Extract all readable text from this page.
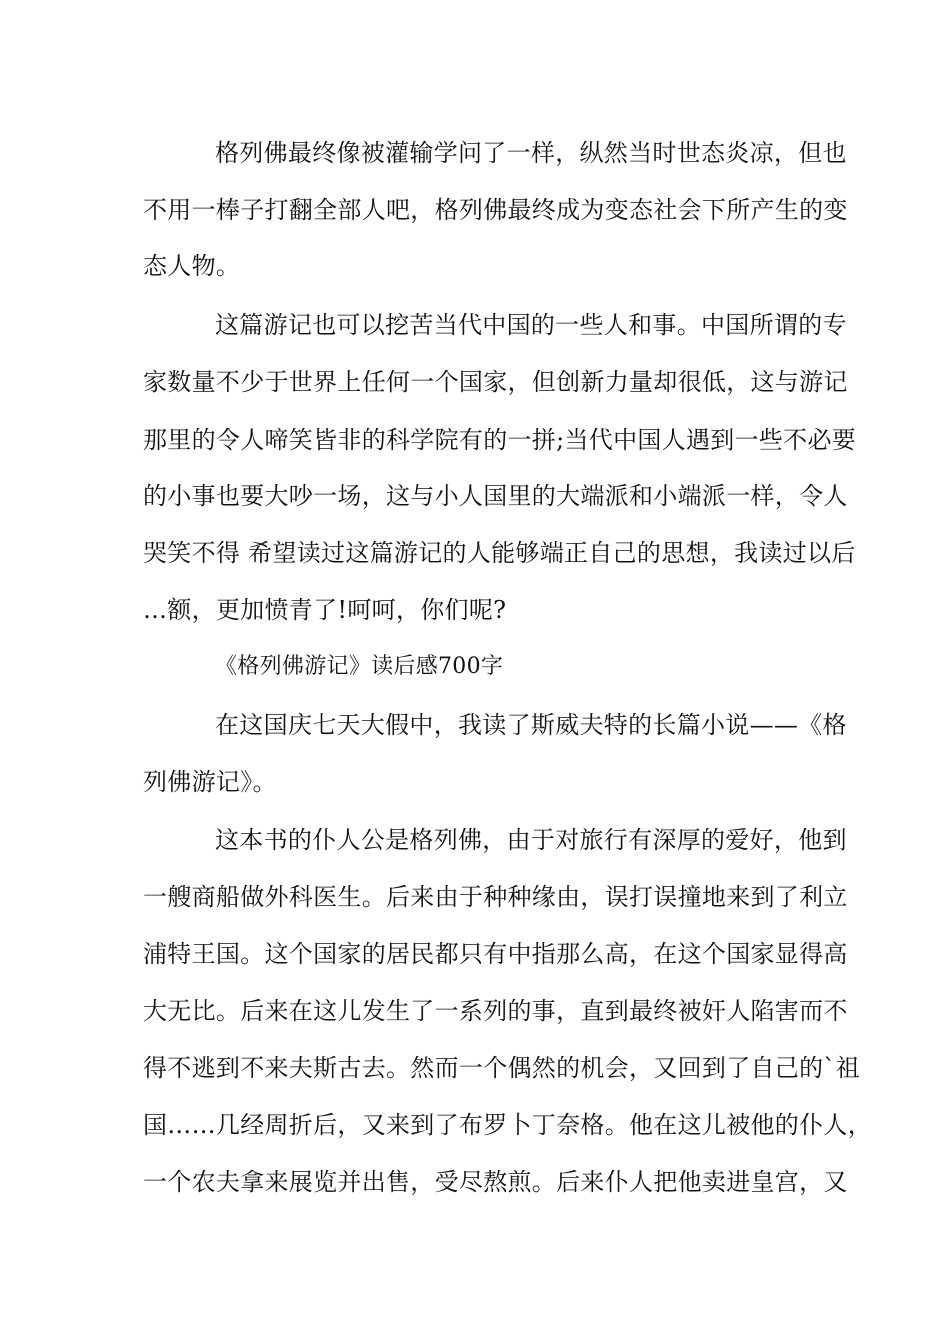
格列佛最终像被灌输学问了一样，纵然当时世态炎凉，但也
不用一棒子打翻全部人吧，格列佛最终成为变态社会下所产生的变
态人物。
这篇游记也可以挖苦当代中国的一些人和事。中国所谓的专
家数量不少于世界上任何一个国家，但创新力量却很低，这与游记
那里的令人啼笑皆非的科学院有的一拼;当代中国人遇到一些不必要
的小事也要大吵一场，这与小人国里的大端派和小端派一样，令人
哭笑不得 希望读过这篇游记的人能够端正自己的思想，我读过以后
…额，更加愤青了!呵呵，你们呢?
《格列佛游记》读后感700字
在这国庆七天大假中，我读了斯威夫特的长篇小说——《格
列佛游记》。
这本书的仆人公是格列佛，由于对旅行有深厚的爱好，他到
一艘商船做外科医生。后来由于种种缘由，误打误撞地来到了利立
浦特王国。这个国家的居民都只有中指那么高，在这个国家显得高
大无比。后来在这儿发生了一系列的事，直到最终被奸人陷害而不
得不逃到不来夫斯古去。然而一个偶然的机会，又回到了自己的`祖
国……几经周折后，又来到了布罗卜丁奈格。他在这儿被他的仆人，
一个农夫拿来展览并出售，受尽熬煎。后来仆人把他卖进皇宫，又
